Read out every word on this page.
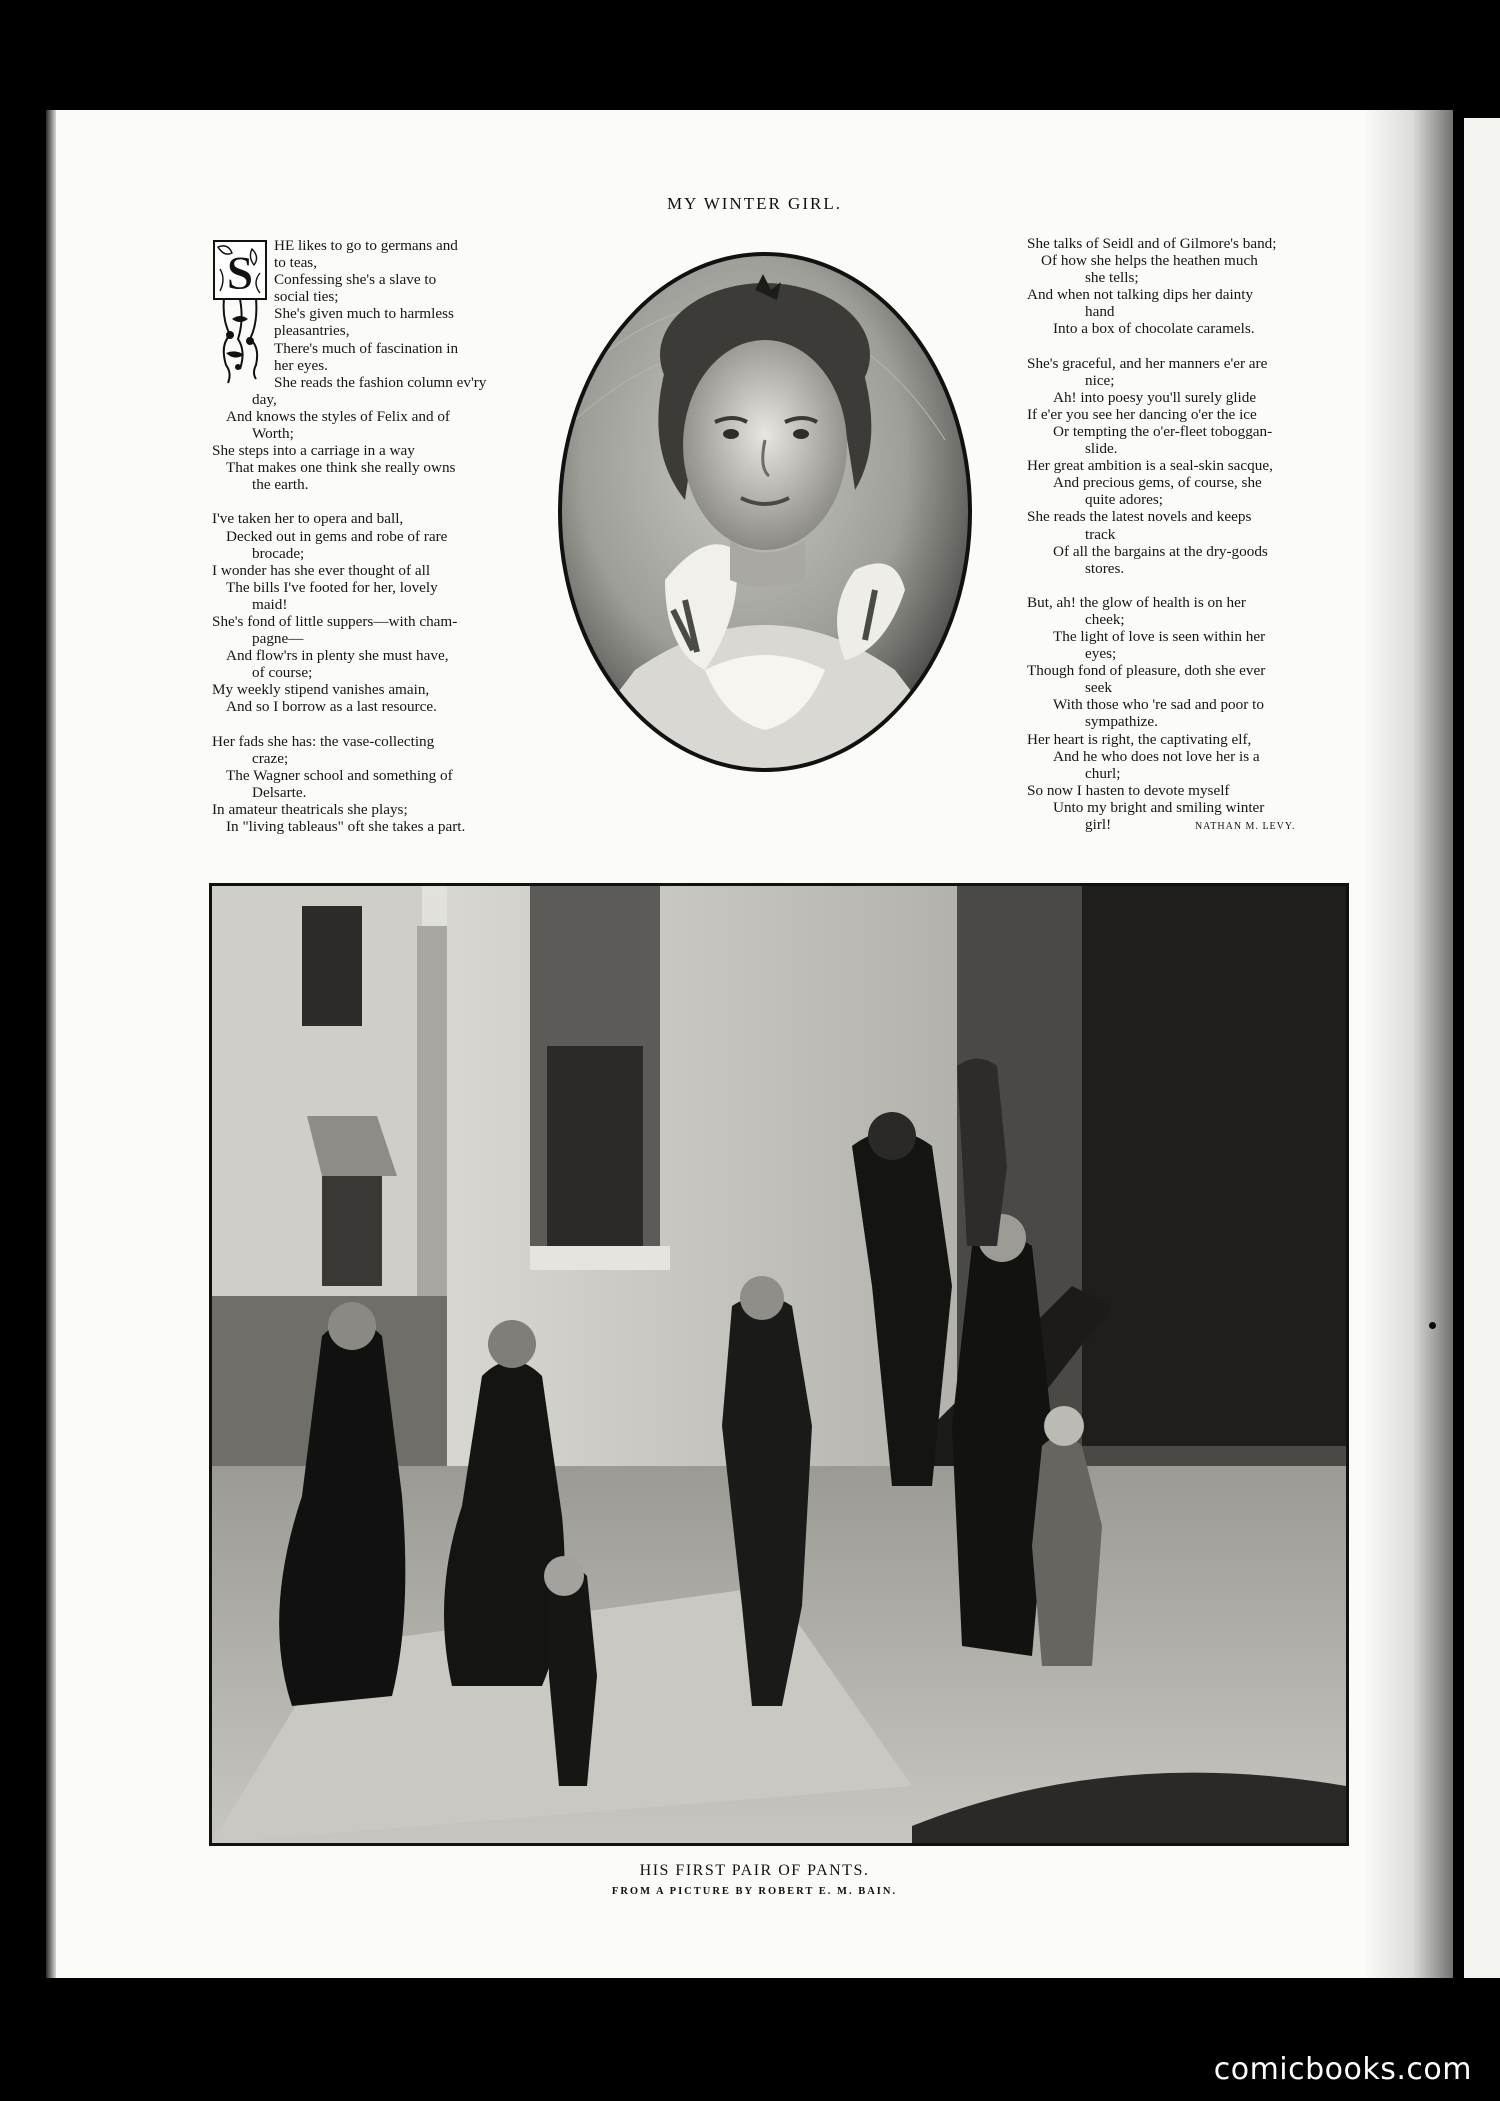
MY WINTER GIRL.
S
HE likes to go to germans and
to teas,
Confessing she's a slave to
social ties;
She's given much to harmless
pleasantries,
There's much of fascination in
her eyes.
She reads the fashion column ev'ry
day,
And knows the styles of Felix and of
Worth;
She steps into a carriage in a way
That makes one think she really owns
the earth.
I've taken her to opera and ball,
Decked out in gems and robe of rare
brocade;
I wonder has she ever thought of all
The bills I've footed for her, lovely
maid!
She's fond of little suppers—with cham-
pagne—
And flow'rs in plenty she must have,
of course;
My weekly stipend vanishes amain,
And so I borrow as a last resource.
Her fads she has: the vase-collecting
craze;
The Wagner school and something of
Delsarte.
In amateur theatricals she plays;
In "living tableaus" oft she takes a part.
She talks of Seidl and of Gilmore's band;
Of how she helps the heathen much
she tells;
And when not talking dips her dainty
hand
Into a box of chocolate caramels.
She's graceful, and her manners e'er are
nice;
Ah! into poesy you'll surely glide
If e'er you see her dancing o'er the ice
Or tempting the o'er-fleet toboggan-
slide.
Her great ambition is a seal-skin sacque,
And precious gems, of course, she
quite adores;
She reads the latest novels and keeps
track
Of all the bargains at the dry-goods
stores.
But, ah! the glow of health is on her
cheek;
The light of love is seen within her
eyes;
Though fond of pleasure, doth she ever
seek
With those who 're sad and poor to
sympathize.
Her heart is right, the captivating elf,
And he who does not love her is a
churl;
So now I hasten to devote myself
Unto my bright and smiling winter
girl!	NATHAN M. LEVY.
HIS FIRST PAIR OF PANTS.
FROM A PICTURE BY ROBERT E. M. BAIN.
comicbooks.com
